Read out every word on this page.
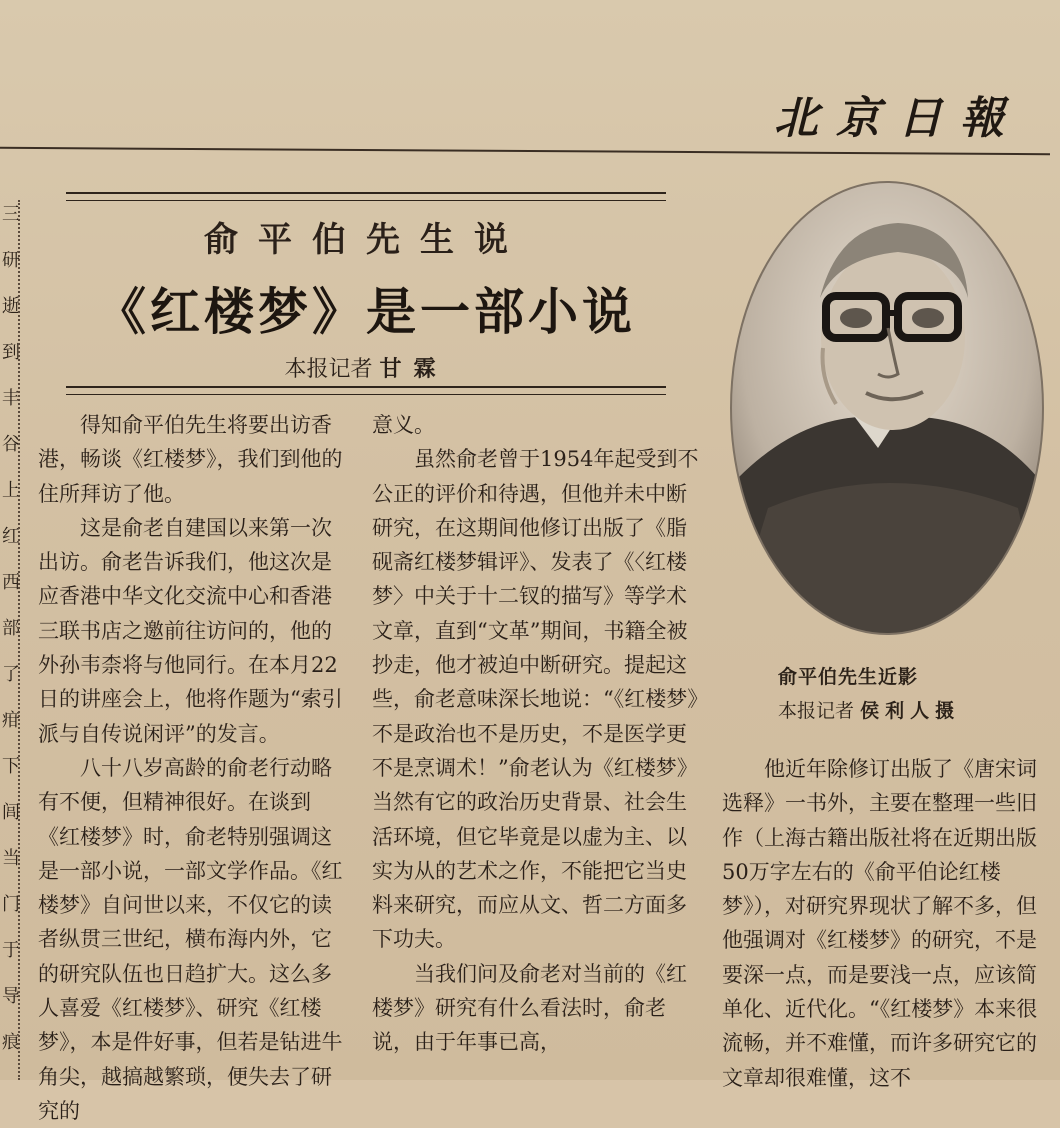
北京日報
三
研
逝
到
丰
谷
上
红
西
部
了
疳
下
闾
当
门
于
导
痕
俞平伯先生说
《红楼梦》是一部小说
本报记者 甘霖

得知俞平伯先生将要出访香港，畅谈《红楼梦》，我们到他的住所拜访了他。

这是俞老自建国以来第一次出访。俞老告诉我们，他这次是应香港中华文化交流中心和香港三联书店之邀前往访问的，他的外孙韦柰将与他同行。在本月22日的讲座会上，他将作题为“索引派与自传说闲评”的发言。

八十八岁高龄的俞老行动略有不便，但精神很好。在谈到《红楼梦》时，俞老特别强调这是一部小说，一部文学作品。《红楼梦》自问世以来，不仅它的读者纵贯三世纪，横布海内外，它的研究队伍也日趋扩大。这么多人喜爱《红楼梦》、研究《红楼梦》，本是件好事，但若是钻进牛角尖，越搞越繁琐，便失去了研究的

意义。

虽然俞老曾于1954年起受到不公正的评价和待遇，但他并未中断研究，在这期间他修订出版了《脂砚斋红楼梦辑评》、发表了《〈红楼梦〉中关于十二钗的描写》等学术文章，直到“文革”期间，书籍全被抄走，他才被迫中断研究。提起这些，俞老意味深长地说：“《红楼梦》不是政治也不是历史，不是医学更不是烹调术！”俞老认为《红楼梦》当然有它的政治历史背景、社会生活环境，但它毕竟是以虚为主、以实为从的艺术之作，不能把它当史料来研究，而应从文、哲二方面多下功夫。

当我们问及俞老对当前的《红楼梦》研究有什么看法时，俞老说，由于年事已高，

俞平伯先生近影
本报记者 侯利人摄

他近年除修订出版了《唐宋词选释》一书外，主要在整理一些旧作（上海古籍出版社将在近期出版50万字左右的《俞平伯论红楼梦》），对研究界现状了解不多，但他强调对《红楼梦》的研究，不是要深一点，而是要浅一点，应该简单化、近代化。“《红楼梦》本来很流畅，并不难懂，而许多研究它的文章却很难懂，这不
